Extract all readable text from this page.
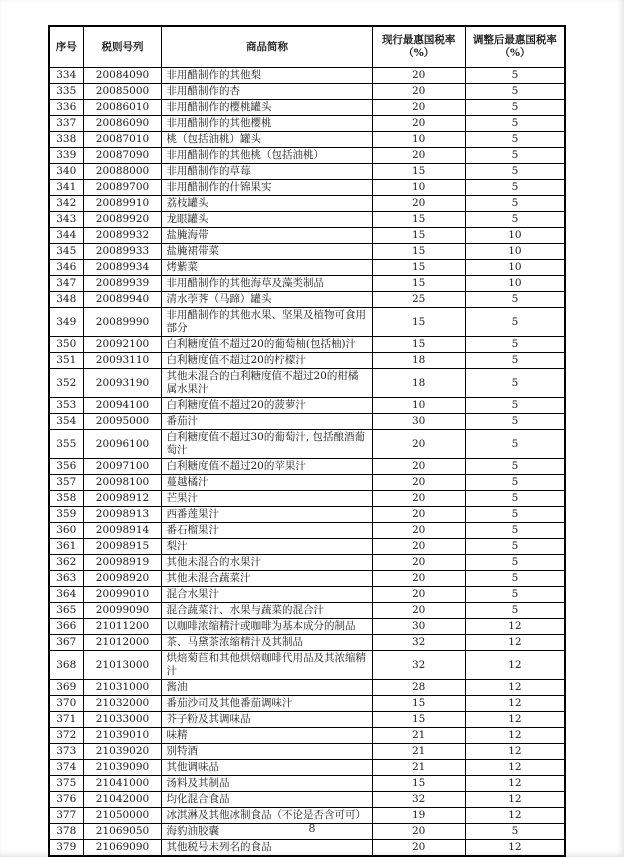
序号	税则号列	商品简称	现行最惠国税率（%）	调整后最惠国税率（%）
334	20084090	非用醋制作的其他梨	20	5
335	20085000	非用醋制作的杏	20	5
336	20086010	非用醋制作的樱桃罐头	20	5
337	20086090	非用醋制作的其他樱桃	20	5
338	20087010	桃（包括油桃）罐头	10	5
339	20087090	非用醋制作的其他桃（包括油桃）	20	5
340	20088000	非用醋制作的草莓	15	5
341	20089700	非用醋制作的什锦果实	10	5
342	20089910	荔枝罐头	20	5
343	20089920	龙眼罐头	15	5
344	20089932	盐腌海带	15	10
345	20089933	盐腌裙带菜	15	10
346	20089934	烤紫菜	15	10
347	20089939	非用醋制作的其他海草及藻类制品	15	10
348	20089940	清水荸荠（马蹄）罐头	25	5
349	20089990	非用醋制作的其他水果、坚果及植物可食用部分	15	5
350	20092100	白利糖度值不超过20的葡萄柚(包括柚)汁	15	5
351	20093110	白利糖度值不超过20的柠檬汁	18	5
352	20093190	其他未混合的白利糖度值不超过20的柑橘属水果汁	18	5
353	20094100	白利糖度值不超过20的菠萝汁	10	5
354	20095000	番茄汁	30	5
355	20096100	白利糖度值不超过30的葡萄汁, 包括酿酒葡萄汁	20	5
356	20097100	白利糖度值不超过20的苹果汁	20	5
357	20098100	蔓越橘汁	20	5
358	20098912	芒果汁	20	5
359	20098913	西番莲果汁	20	5
360	20098914	番石榴果汁	20	5
361	20098915	梨汁	20	5
362	20098919	其他未混合的水果汁	20	5
363	20098920	其他未混合蔬菜汁	20	5
364	20099010	混合水果汁	20	5
365	20099090	混合蔬菜汁、水果与蔬菜的混合汁	20	5
366	21011200	以咖啡浓缩精汁或咖啡为基本成分的制品	30	12
367	21012000	茶、马黛茶浓缩精汁及其制品	32	12
368	21013000	烘焙菊苣和其他烘焙咖啡代用品及其浓缩精汁	32	12
369	21031000	酱油	28	12
370	21032000	番茄沙司及其他番茄调味汁	15	12
371	21033000	芥子粉及其调味品	15	12
372	21039010	味精	21	12
373	21039020	别特酒	21	12
374	21039090	其他调味品	21	12
375	21041000	汤料及其制品	15	12
376	21042000	均化混合食品	32	12
377	21050000	冰淇淋及其他冰制食品（不论是否含可可）	19	12
378	21069050	海豹油胶囊	20	5
379	21069090	其他税号未列名的食品	20	12
8
